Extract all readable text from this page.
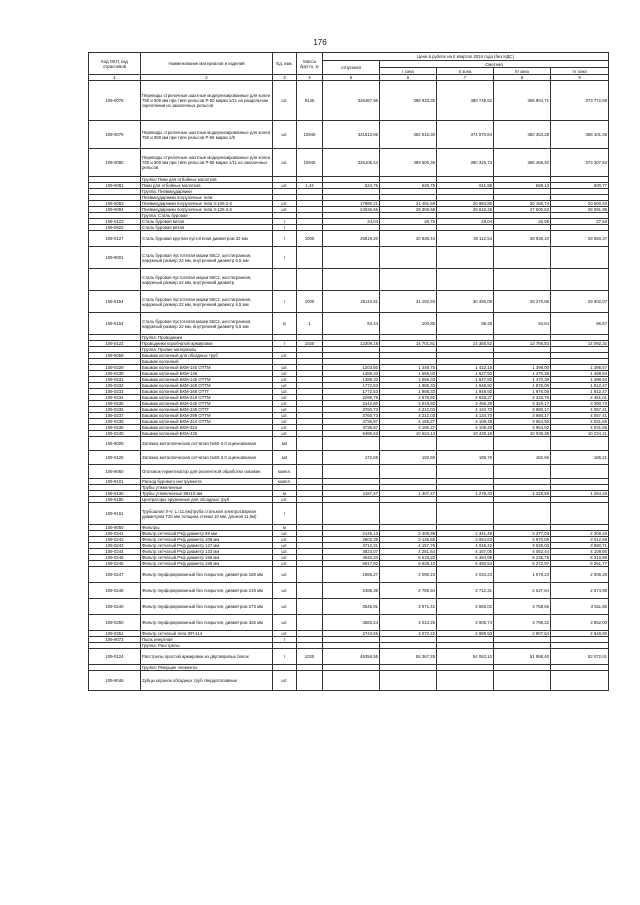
176
Код ОКП, код отраслевой	Наименование материалов и изделий	Ед. изм.	Масса брутто, кг	Цена в рублях на II квартал 2016 года (без НДС)				
				отпускная	Сметная			
					I зона	II зона	III зона	IV зона
1	2	3	4	5	6	7	8	9
109-0078	Переводы стрелочные шахтные модернизированные для колеи 750 и 900 мм при типе рельсов Р-50 марки 1/11 на раздельном скреплении из закаленных рельсов	шт.	9135	326467,96	389 933,35	380 748,52	365 904,71	373 772,69
109-0079	Переводы стрелочные шахтные модернизированные для колеи 750 и 900 мм при типе рельсов Р-65 марки 1/9	шт.	10945	321513,96	384 616,30	374 970,84	360 353,28	368 101,06
109-0080	Переводы стрелочные шахтные модернизированные для колеи 750 и 900 мм при типе рельсов Р-65 марки 1/11 из закаленных рельсов	шт.	10945	326105,44	389 500,36	380 325,73	365 469,40	373 307,84
	Группа: Пики для отбойных молотков							
109-0081	Пики для отбойных молотков	шт.	1,44	524,75	626,75	611,98	588,13	600,77
	Группа: Пневмоударники							
	Пневмоударники погрузочные типа							
109-0083	Пневмоударники погрузочные типа II-105-2.6	шт.		17980,21	21 481,69	20 984,86	20 168,74	20 600,40
109-0084	Пневмоударники погрузочные типа II-125-3.6	шт.		24536,66	29 306,58	28 616,26	27 500,63	28 091,99
	Группа: Сталь буровая							
109-0123	Сталь буровая витая	т		24,04	28,72	28,04	26,95	27,53
109-0922	Сталь буровая витая	т						
109-0127	Сталь буровая круглая пустотелая диаметром 32 мм	т	1000	25819,20	30 839,44	30 112,54	28 938,10	29 560,37
109-9001	Сталь буровая пустотелая марки 55С2, шестигранная, наружный размер 22 мм, внутренний диаметр 6,5 мм	т						
	Сталь буровая пустотелая марки 55С2, шестигранная, наружный размер 22 мм, внутренний диаметр							
109-0154	Сталь буровая пустотелая марки 55С2, шестигранная, наружный размер 22 мм, внутренний диаметр 6,5 мм	т	1000	26110,81	31 192,93	30 456,09	29 270,86	29 902,07
109-0154	Сталь буровая пустотелая марки 55С2, шестигранная, наружный размер 22 мм, внутренний диаметр 6,5 мм	кг	1	84,44	100,85	98,48	94,64	96,67
	Группа: Проводники							
109-0122	Проводники коробчатой армировки	т	1020	12309,18	14 701,81	14 355,52	13 795,83	14 092,31
	Группа: Прочие материалы							
109-9058	Башмак колонный для обсадных труб	шт.						
	Башмак колонный							
109-0229	Башмак колонный БКМ-140 ОТТМ	шт.		1203,50	1 448,75	1 422,15	1 399,00	1 395,57
109-0230	Башмак колонный БКМ-146	шт.		1389,33	1 556,03	1 527,50	1 470,38	1 498,94
109-0231	Башмак колонный БКМ-146 ОТТМ	шт.		1389,33	1 556,03	1 527,50	1 470,38	1 498,94
109-0232	Башмак колонный БКМ-168 ОТТМ	шт.		1772,53	1 985,33	1 948,92	1 876,06	1 912,47
109-0233	Башмак колонный БКМ-168 ОТТГ	шт.		1772,53	1 985,33	1 948,92	1 876,06	1 912,47
109-0234	Башмак колонный БКМ-219 ОТТМ	шт.		2299,76	2 575,92	2 528,27	2 433,76	2 481,01
109-0235	Башмак колонный БКМ-245 ОТТМ	шт.		3142,60	3 519,92	3 455,39	3 326,17	3 390,73
109-0236	Башмак колонный БКМ-245 ОТТГ	шт.		3760,73	4 212,03	4 134,70	3 980,17	4 057,41
109-0237	Башмак колонный БКМ-299 ОТТМ	шт.		3760,73	4 212,03	4 134,70	3 980,17	4 057,41
109-0238	Башмак колонный БКМ-324 ОТТМ	шт.		3736,87	4 185,27	4 108,48	3 954,92	4 031,65
109-0239	Башмак колонный БКМ-324	шт.		3736,87	4 185,27	4 108,48	3 954,92	4 031,65
109-0240	Башмак колонный БКМ-426	шт.		9485,63	10 624,13	10 429,19	10 039,38	10 234,21
109-9009	Затяжка металлическая сетчатая №50-3.0 оцинкованная	м2						
109-0125	Затяжка металлическая сетчатая №50-3.0 оцинкованная	м2		172,69	193,50	189,76	182,66	186,21
109-9060	Оголовок-герметизатор для реагентной обработки скважин	компл.						
109-9101	Расход бурового инструмента	компл.						
	Трубы утяжеленные							
109-9135	Трубы утяжеленные 89х19 мм	м		1157,47	1 307,47	1 278,33	1 228,58	1 254,26
109-9180	Центраторы пружинные для обсадных труб	шт.						
109-9161	Трубошпил Л-V, L=11,6м(труба стальная электросварная диаметром Т20 мм толщина стенки 10 мм, длиной 11,6м)	т						
109-9050	Фильтры	м						
109-0241	Фильтр сетчатый Рчф диаметр 89 мм	шт.		2146,13	2 405,99	2 341,49	2 277,03	2 309,26
109-0242	Фильтр сетчатый Рчф диаметр 108 мм	шт.		2802,39	3 136,55	3 054,63	2 970,56	3 012,59
109-0243	Фильтр сетчатый Рчф диаметр 127 мм	шт.		3712,31	4 157,76	4 046,42	3 935,03	3 990,71
109-0244	Фильтр сетчатый Рчф диаметр 133 мм	шт.		3823,07	4 281,64	4 167,05	4 052,44	4 109,80
109-0245	Фильтр сетчатый Рчф диаметр 159 мм	шт.		4940,34	5 533,20	5 384,99	5 236,75	5 310,89
109-0246	Фильтр сетчатый Рчф диаметр 168 мм	шт.		5917,92	6 628,10	6 450,54	6 272,97	6 361,77
109-0247	Фильтр перфорированный без покрытия, диаметром 168 мм	шт.		1866,27	2 090,23	2 034,23	1 978,23	2 006,25
109-0248	Фильтр перфорированный без покрытия, диаметром 219 мм	шт.		2488,35	2 786,94	2 712,31	2 637,64	2 674,98
109-0249	Фильтр перфорированный без покрытия, диаметром 273 мм	шт.		3545,91	3 971,42	3 865,02	3 758,66	3 811,86
109-0250	Фильтр перфорированный без покрытия, диаметром 325 мм	шт.		3583,24	4 013,25	3 905,74	3 798,22	3 852,00
109-0251	Фильтр сетчатый типа ФП-114	шт.		2743,65	3 072,22	2 989,93	2 907,64	2 948,80
109-9073	Пыль инертная	т						
	Группа: Расстрелы							
109-0124	Расстрелы простой армировки из двутавровых балок	т	1020	46356,55	55 367,25	54 063,10	51 958,40	53 072,61
	Группа: Режущие элементы							
109-9046	Зубцы коронок обсадных труб твердосплавные	шт.						
